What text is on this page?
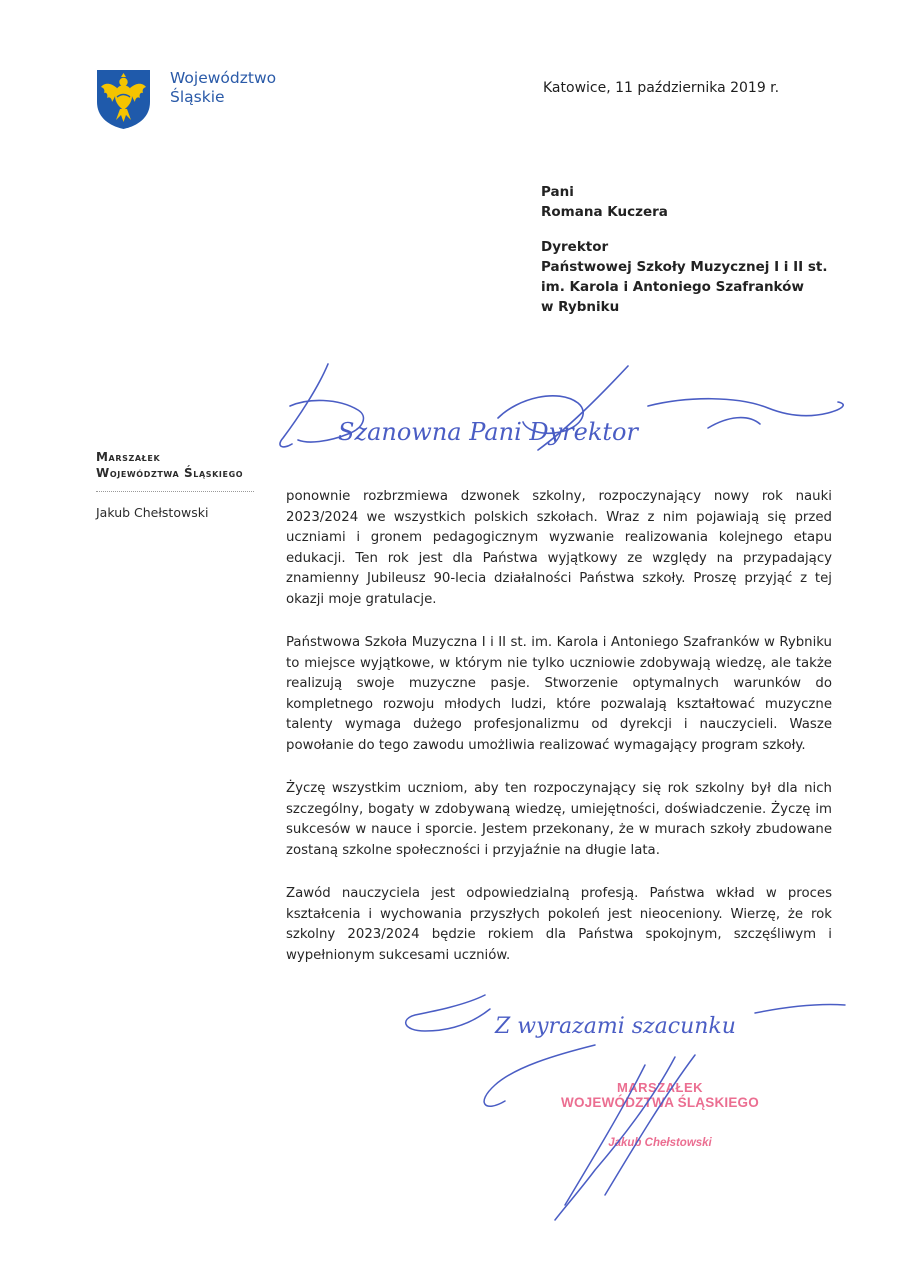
Województwo
Śląskie	Katowice, 11 października 2019 r.
Pani
Romana Kuczera
Dyrektor
Państwowej Szkoły Muzycznej I i II st.
im. Karola i Antoniego Szafranków
w Rybniku
Szanowna Pani Dyrektor
Marszałek
Województwa Śląskiego
Jakub Chełstowski

ponownie rozbrzmiewa dzwonek szkolny, rozpoczynający nowy rok nauki 2023/2024 we wszystkich polskich szkołach. Wraz z nim pojawiają się przed uczniami i gronem pedagogicznym wyzwanie realizowania kolejnego etapu edukacji. Ten rok jest dla Państwa wyjątkowy ze względy na przypadający znamienny Jubileusz 90-lecia działalności Państwa szkoły. Proszę przyjąć z tej okazji moje gratulacje.

Państwowa Szkoła Muzyczna I i II st. im. Karola i Antoniego Szafranków w Rybniku to miejsce wyjątkowe, w którym nie tylko uczniowie zdobywają wiedzę, ale także realizują swoje muzyczne pasje. Stworzenie optymalnych warunków do kompletnego rozwoju młodych ludzi, które pozwalają kształtować muzyczne talenty wymaga dużego profesjonalizmu od dyrekcji i nauczycieli. Wasze powołanie do tego zawodu umożliwia realizować wymagający program szkoły.

Życzę wszystkim uczniom, aby ten rozpoczynający się rok szkolny był dla nich szczególny, bogaty w zdobywaną wiedzę, umiejętności, doświadczenie. Życzę im sukcesów w nauce i sporcie. Jestem przekonany, że w murach szkoły zbudowane zostaną szkolne społeczności i przyjaźnie na długie lata.

Zawód nauczyciela jest odpowiedzialną profesją. Państwa wkład w proces kształcenia i wychowania przyszłych pokoleń jest nieoceniony. Wierzę, że rok szkolny 2023/2024 będzie rokiem dla Państwa spokojnym, szczęśliwym i wypełnionym sukcesami uczniów.

MARSZAŁEK
WOJEWÓDZTWA ŚLĄSKIEGO
Jakub Chełstowski
Z wyrazami szacunku
